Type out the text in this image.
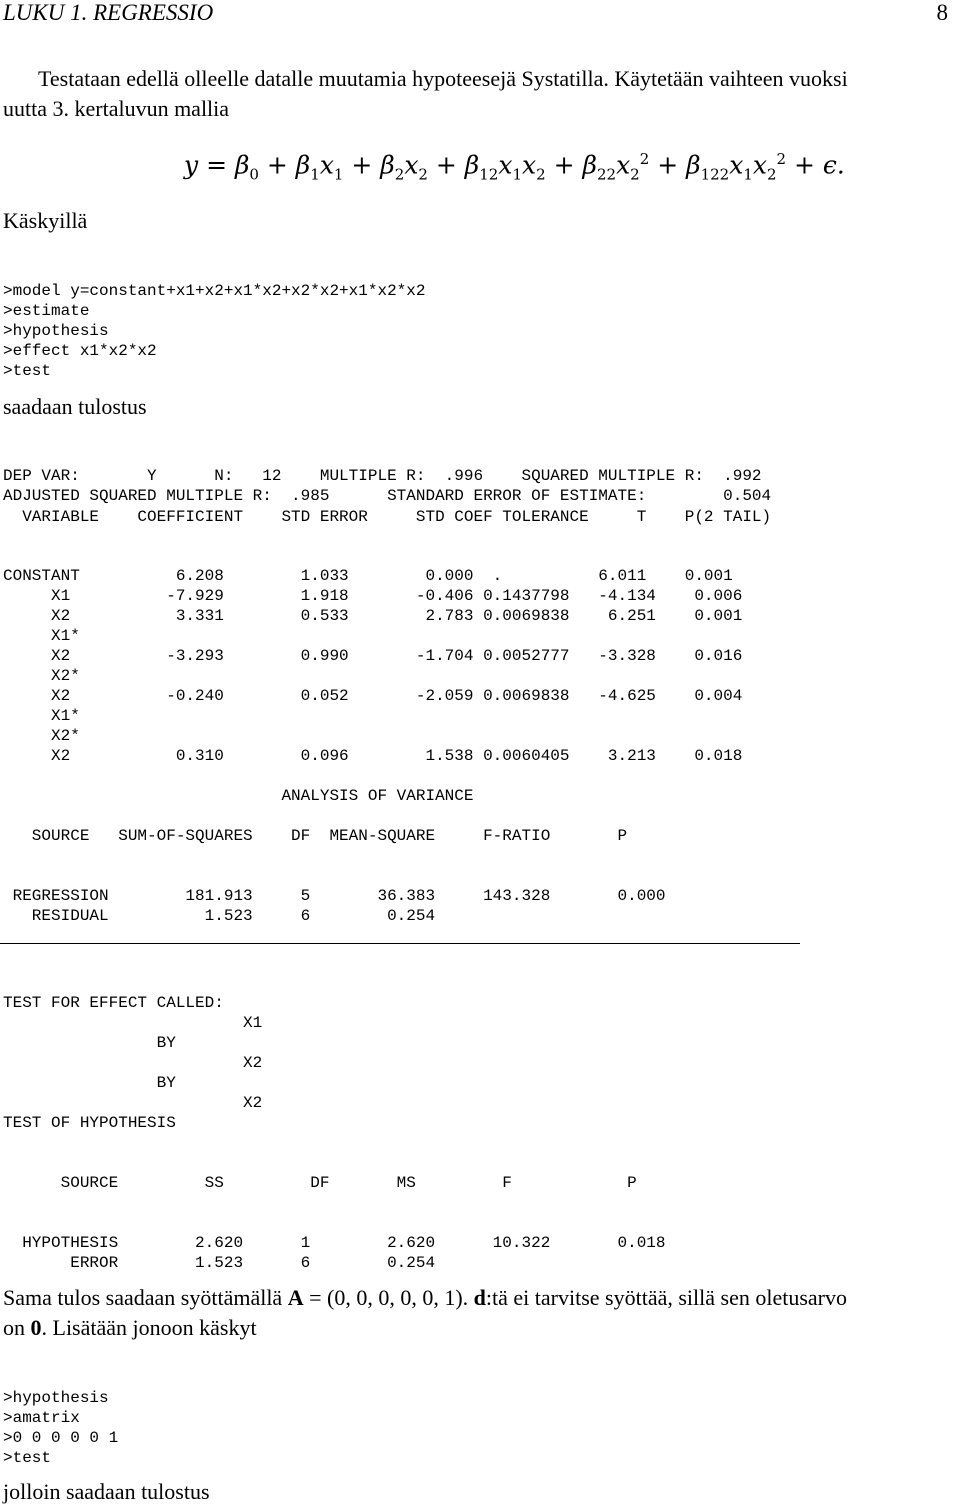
LUKU 1. REGRESSIO	8
Testataan edellä olleelle datalle muutamia hypoteesejä Systatilla. Käytetään vaihteen vuoksi
uutta 3. kertaluvun mallia
$y = \beta_0 + \beta_1x_1 + \beta_2x_2 + \beta_{12}x_1x_2 + \beta_{22}x_2^2 + \beta_{122}x_1x_2^2 + \epsilon$.
Käskyillä

>model y=constant+x1+x2+x1*x2+x2*x2+x1*x2*x2
>estimate
>hypothesis
>effect x1*x2*x2
>test

saadaan tulostus

DEP VAR:       Y      N:   12    MULTIPLE R:  .996    SQUARED MULTIPLE R:  .992
ADJUSTED SQUARED MULTIPLE R:  .985      STANDARD ERROR OF ESTIMATE:        0.504

VARIABLE    COEFFICIENT    STD ERROR     STD COEF TOLERANCE     T    P(2 TAIL)

CONSTANT          6.208        1.033        0.000  .          6.011    0.001
X1          -7.929        1.918       -0.406 0.1437798   -4.134    0.006
X2           3.331        0.533        2.783 0.0069838    6.251    0.001
X1*
X2          -3.293        0.990       -1.704 0.0052777   -3.328    0.016
X2*
X2          -0.240        0.052       -2.059 0.0069838   -4.625    0.004
X1*
X2*
X2           0.310        0.096        1.538 0.0060405    3.213    0.018

ANALYSIS OF VARIANCE
SOURCE   SUM-OF-SQUARES    DF  MEAN-SQUARE     F-RATIO       P

REGRESSION        181.913     5       36.383     143.328       0.000
RESIDUAL          1.523     6        0.254

TEST FOR EFFECT CALLED:
X1
BY
X2
BY
X2

TEST OF HYPOTHESIS
SOURCE         SS         DF       MS         F            P

HYPOTHESIS        2.620      1        2.620      10.322       0.018
ERROR        1.523      6        0.254

Sama tulos saadaan syöttämällä A = (0, 0, 0, 0, 0, 1). d:tä ei tarvitse syöttää, sillä sen oletusarvo
on 0. Lisätään jonoon käskyt

>hypothesis
>amatrix
>0 0 0 0 0 1
>test

jolloin saadaan tulostus
